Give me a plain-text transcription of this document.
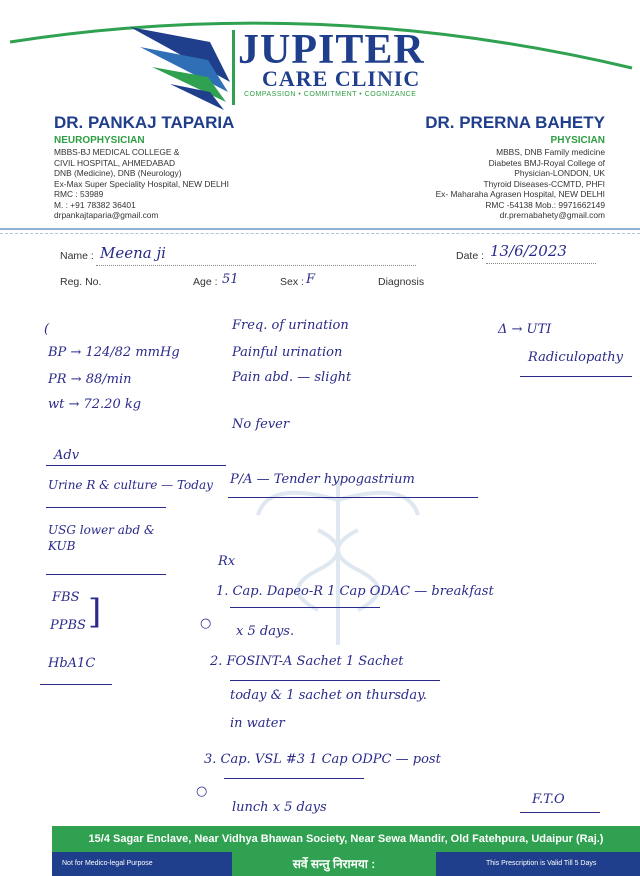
JUPITER
CARE CLINIC
COMPASSION • COMMITMENT • COGNIZANCE
DR. PANKAJ TAPARIA
NEUROPHYSICIAN
MBBS-BJ MEDICAL COLLEGE &
CIVIL HOSPITAL, AHMEDABAD
DNB (Medicine), DNB (Neurology)
Ex-Max Super Speciality Hospital, NEW DELHI
RMC : 53989
M. : +91 78382 36401
drpankajtaparia@gmail.com
DR. PRERNA BAHETY
PHYSICIAN
MBBS, DNB Family medicine
Diabetes BMJ-Royal College of
Physician-LONDON, UK
Thyroid Diseases-CCMTD, PHFI
Ex- Maharaha Agrasen Hospital, NEW DELHI
RMC -54138 Mob.: 9971662149
dr.prernabahety@gmail.com
Name : Meena ji	Date : 13/6/2023
Reg. No.	Age : 51	Sex : F	Diagnosis
(
BP → 124/82 mmHg
PR → 88/min
wt → 72.20 kg
Freq. of urination
Painful urination
Pain abd. — slight
No fever
Δ → UTI
Radiculopathy
Adv
Urine R & culture — Today
USG lower abd & KUB
FBS
PPBS ]
HbA1C
P/A — Tender hypogastrium
Rx
1. Cap. Dapeo-R 1 Cap ODAC — breakfast
○
x 5 days.
2. FOSINT-A Sachet 1 Sachet
today & 1 sachet on thursday.
in water
3. Cap. VSL #3 1 Cap ODPC — post
○
lunch x 5 days
F.T.O
15/4 Sagar Enclave, Near Vidhya Bhawan Society, Near Sewa Mandir, Old Fatehpura, Udaipur (Raj.)
Not for Medico-legal Purpose	सर्वे सन्तु निरामया :	This Prescription is Valid Till 5 Days
